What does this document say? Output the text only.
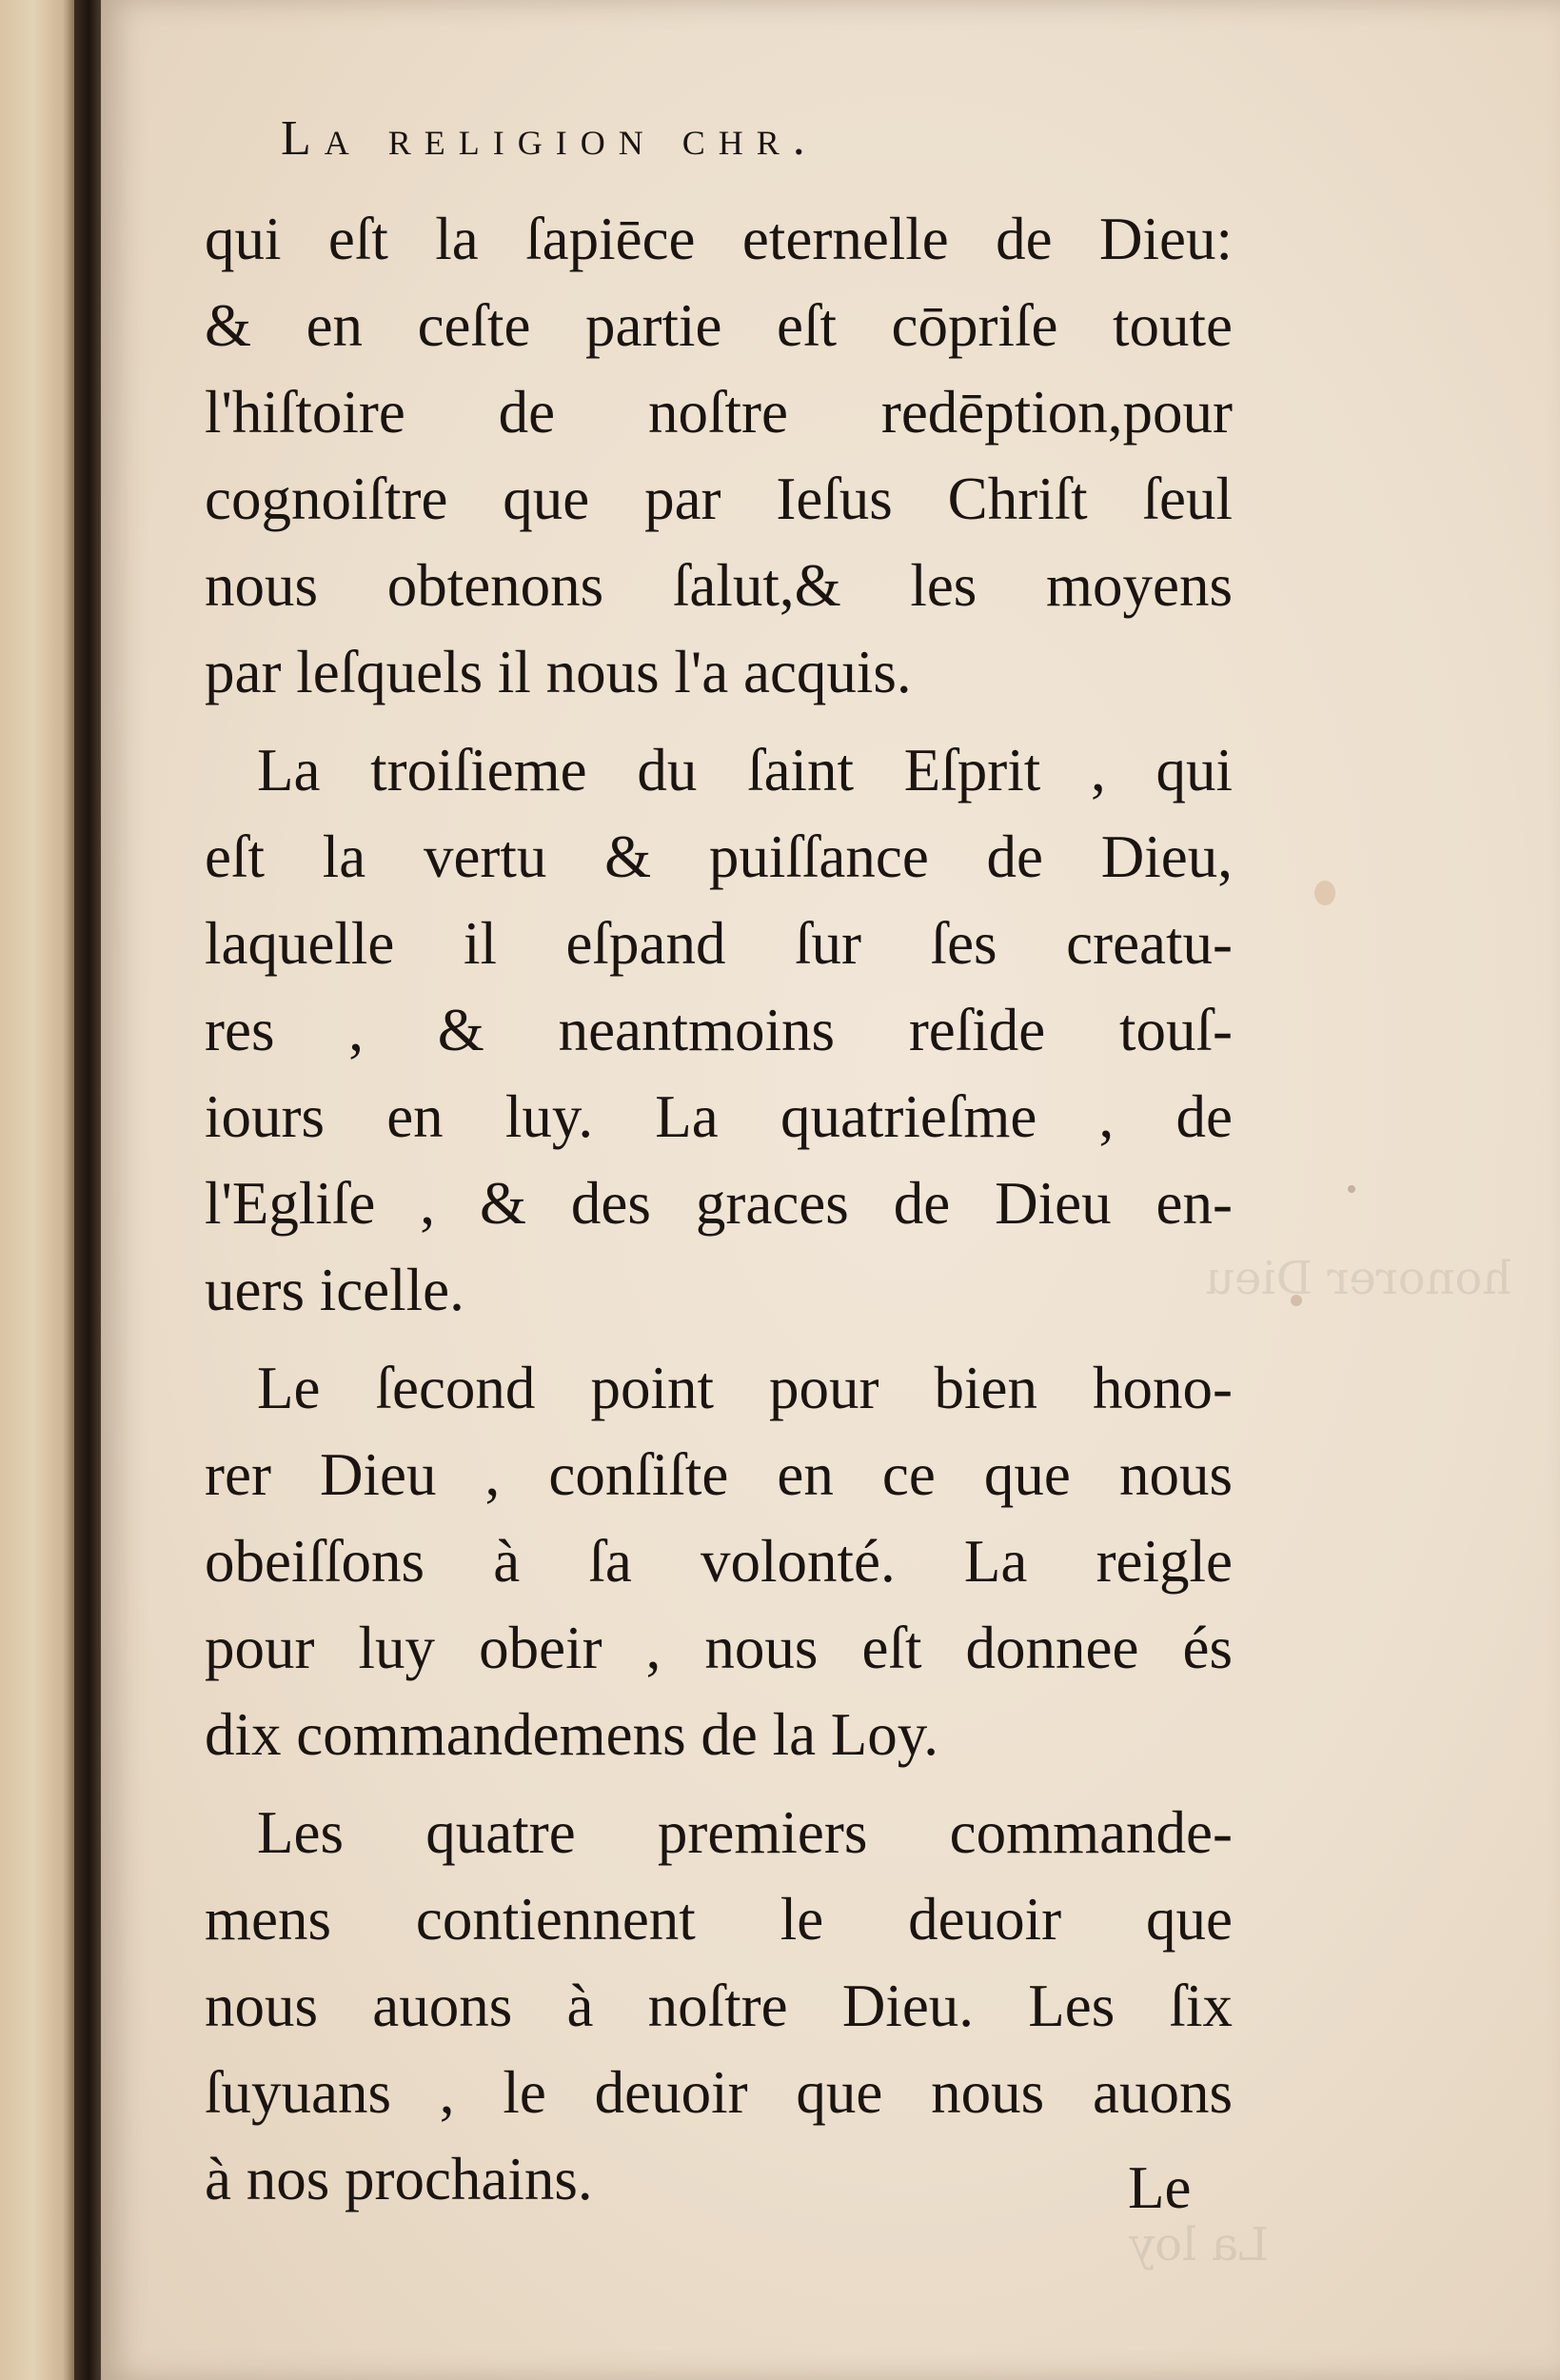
honorer Dieu
La loy
La religion chr.
qui eſt la ſapiēce eternelle de Dieu:
& en ceſte partie eſt cōpriſe toute
l'hiſtoire de noſtre redēption,pour
cognoiſtre que par Ieſus Chriſt ſeul
nous obtenons ſalut,& les moyens
par leſquels il nous l'a acquis.
La troiſieme du ſaint Eſprit , qui
eſt la vertu & puiſſance de Dieu,
laquelle il eſpand ſur ſes creatu-
res , & neantmoins reſide touſ-
iours en luy. La quatrieſme , de
l'Egliſe , & des graces de Dieu en-
uers icelle.
Le ſecond point pour bien hono-
rer Dieu , conſiſte en ce que nous
obeiſſons à ſa volonté. La reigle
pour luy obeir , nous eſt donnee és
dix commandemens de la Loy.
Les quatre premiers commande-
mens contiennent le deuoir que
nous auons à noſtre Dieu. Les ſix
ſuyuans , le deuoir que nous auons
à nos prochains.	Le
